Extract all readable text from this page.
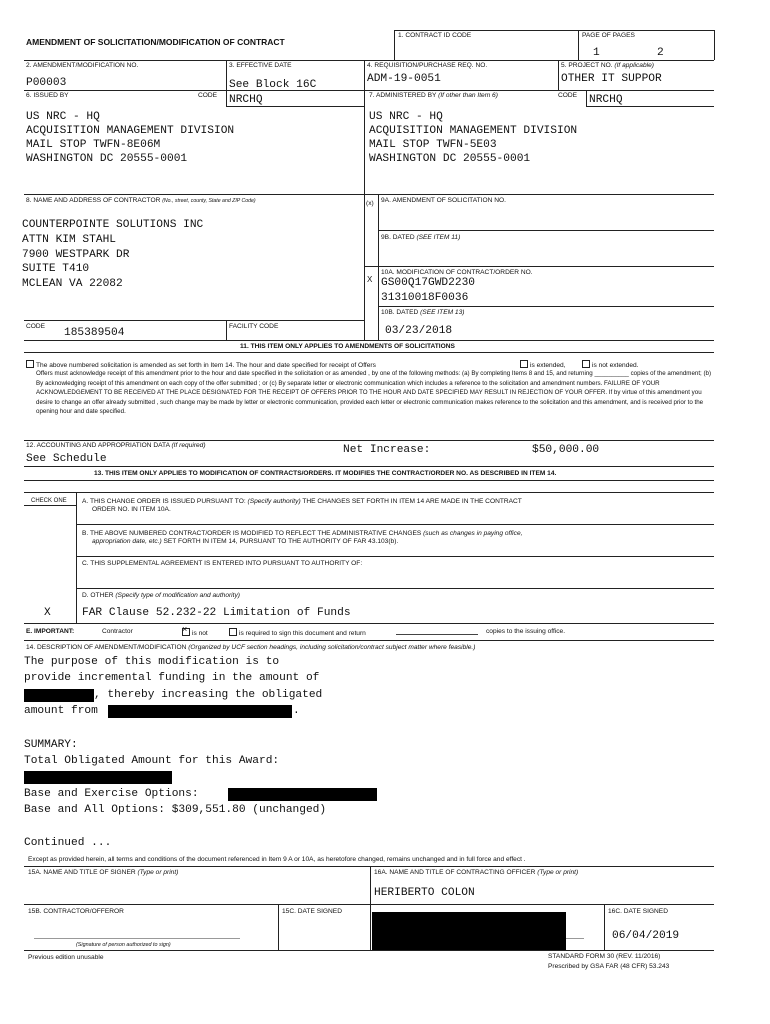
AMENDMENT OF SOLICITATION/MODIFICATION OF CONTRACT
1. CONTRACT ID CODE	PAGE OF PAGES
1	2
2. AMENDMENT/MODIFICATION NO.
P00003
3. EFFECTIVE DATE
See Block 16C
4. REQUISITION/PURCHASE REQ. NO.
ADM-19-0051
5. PROJECT NO. (If applicable)
OTHER IT SUPPOR
6. ISSUED BY	CODE NRCHQ	7. ADMINISTERED BY (If other than Item 6)	CODE NRCHQ
US NRC - HQ
ACQUISITION MANAGEMENT DIVISION
MAIL STOP TWFN-8E06M
WASHINGTON DC 20555-0001
US NRC - HQ
ACQUISITION MANAGEMENT DIVISION
MAIL STOP TWFN-5E03
WASHINGTON DC 20555-0001
8. NAME AND ADDRESS OF CONTRACTOR (No., street, county, State and ZIP Code)	(x) 9A. AMENDMENT OF SOLICITATION NO.
9B. DATED (SEE ITEM 11)
10A. MODIFICATION OF CONTRACT/ORDER NO.
X GS00Q17GWD2230
31310018F0036
10B. DATED (SEE ITEM 13)
03/23/2018
COUNTERPOINTE SOLUTIONS INC
ATTN KIM STAHL
7900 WESTPARK DR
SUITE T410
MCLEAN VA 22082
CODE
185389504
FACILITY CODE
11. THIS ITEM ONLY APPLIES TO AMENDMENTS OF SOLICITATIONS
The above numbered solicitation is amended as set forth in Item 14. The hour and date specified for receipt of Offers	is extended,	is not extended.
Offers must acknowledge receipt of this amendment prior to the hour and date specified in the solicitation or as amended , by one of the following methods: (a) By completing Items 8 and 15, and returning __________ copies of the amendment; (b) By acknowledging receipt of this amendment on each copy of the offer submitted ; or (c) By separate letter or electronic communication which includes a reference to the solicitation and amendment numbers. FAILURE OF YOUR ACKNOWLEDGEMENT TO BE RECEIVED AT THE PLACE DESIGNATED FOR THE RECEIPT OF OFFERS PRIOR TO THE HOUR AND DATE SPECIFIED MAY RESULT IN REJECTION OF YOUR OFFER. If by virtue of this amendment you desire to change an offer already submitted , such change may be made by letter or electronic communication, provided each letter or electronic communication makes reference to the solicitation and this amendment, and is received prior to the opening hour and date specified.
12. ACCOUNTING AND APPROPRIATION DATA (If required)
See Schedule
Net Increase:	$50,000.00
13. THIS ITEM ONLY APPLIES TO MODIFICATION OF CONTRACTS/ORDERS. IT MODIFIES THE CONTRACT/ORDER NO. AS DESCRIBED IN ITEM 14.
CHECK ONE A. THIS CHANGE ORDER IS ISSUED PURSUANT TO: (Specify authority) THE CHANGES SET FORTH IN ITEM 14 ARE MADE IN THE CONTRACT
ORDER NO. IN ITEM 10A.
B. THE ABOVE NUMBERED CONTRACT/ORDER IS MODIFIED TO REFLECT THE ADMINISTRATIVE CHANGES (such as changes in paying office,
appropriation date, etc.) SET FORTH IN ITEM 14, PURSUANT TO THE AUTHORITY OF FAR 43.103(b).
C. THIS SUPPLEMENTAL AGREEMENT IS ENTERED INTO PURSUANT TO AUTHORITY OF:
D. OTHER (Specify type of modification and authority)
X	FAR Clause 52.232-22 Limitation of Funds
E. IMPORTANT:	Contractor
×	is not	is required to sign this document and return	copies to the issuing office.
14. DESCRIPTION OF AMENDMENT/MODIFICATION (Organized by UCF section headings, including solicitation/contract subject matter where feasible.)
The purpose of this modification is to
provide incremental funding in the amount of
, thereby increasing the obligated
amount from	.
SUMMARY:
Total Obligated Amount for this Award:
Base and Exercise Options:
Base and All Options: $309,551.80 (unchanged)
Continued ...
Except as provided herein, all terms and conditions of the document referenced in Item 9 A or 10A, as heretofore changed, remains unchanged and in full force and effect .
15A. NAME AND TITLE OF SIGNER (Type or print)	16A. NAME AND TITLE OF CONTRACTING OFFICER (Type or print)
HERIBERTO COLON
15B. CONTRACTOR/OFFEROR	15C. DATE SIGNED	16C. DATE SIGNED
06/04/2019
(Signature of person authorized to sign)
Previous edition unusable	STANDARD FORM 30 (REV. 11/2016)
Prescribed by GSA FAR (48 CFR) 53.243
